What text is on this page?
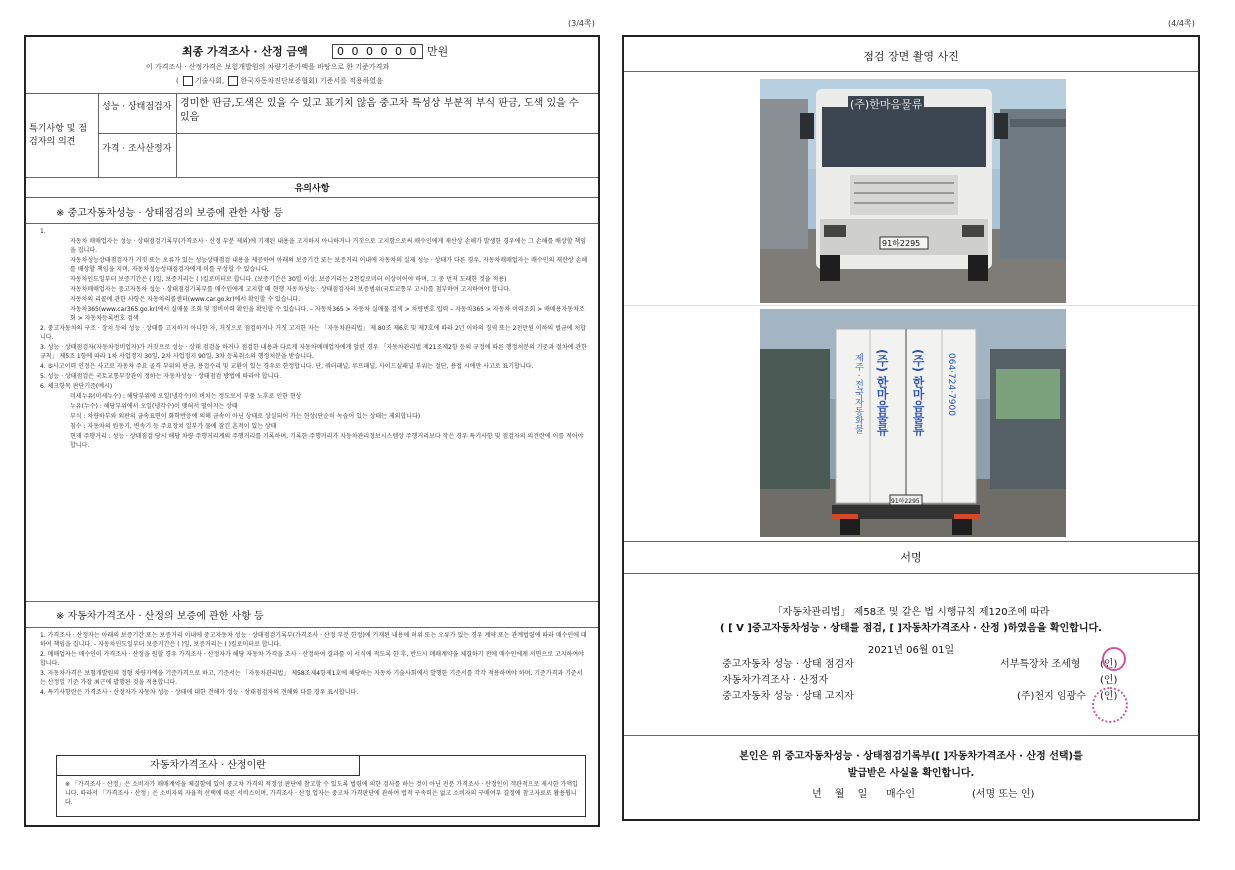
(3/4쪽)	(4/4쪽)
최종 가격조사 · 산정 금액	0 0 0 0 0 0 만원
이 가격조사 · 산정가격은 보험개발원의 차량기준가액을 바탕으로 한 기준가격과
( 기술사회, 한국자동차진단보증협회) 기준서를 적용하였음
특기사항 및 점검자의 의견
성능 · 상태점검자 경미한 판금,도색은 있을 수 있고 표기치 않음 중고차 특성상 부분적 부식 판금, 도색 있을 수 있음
가격 · 조사산정자
유의사항
※ 중고자동차성능 · 상태점검의 보증에 관한 사항 등

1.

자동차 매매업자는 성능 · 상태점검기록부(가격조사 · 산정 부분 제외)에 기재된 내용을 고지하지 아니하거나 거짓으로 고지함으로써 매수인에게 재산상 손해가 발생한 경우에는 그 손해를 배상할 책임을 집니다.

자동차성능상태점검자가 거짓 또는 오류가 있는 성능상태점검 내용을 제공하여 아래의 보증기간 또는 보증거리 이내에 자동차의 실제 성능 · 상태가 다른 경우, 자동차매매업자는 매수인의 재산상 손해를 배상할 책임을 지며, 자동차성능상태점검자에게 이를 구상할 수 있습니다.

자동차인도일부터 보증기간은 ( )일, 보증거리는 ( )킬로미터로 합니다. (보증기간은 30일 이상, 보증거리는 2천킬로미터 이상이어야 하며, 그 중 먼저 도래한 것을 적용)

자동차매매업자는 중고자동차 성능 · 상태점검기록부를 매수인에게 고지할 때 현행 자동차성능 · 상태점검자의 보증범위(국토교통부 고시)를 첨부하여 고지하여야 합니다.

자동차의 리콜에 관한 사항은 자동차리콜센터(www.car.go.kr)에서 확인할 수 있습니다.

자동차365(www.car365.go.kr)에서 실매물 조회 및 정비이력 확인을 확인할 수 있습니다. – 자동차365 > 자동차 실매물 검색 > 차량번호 입력 – 자동차365 > 자동차 이력조회 > 매매용자동차조회 > 자동차등록번호 검색

2. 중고자동차의 구조 · 장치 등의 성능 · 상태를 고지하지 아니한 자, 거짓으로 점검하거나 거짓 고지한 자는 「자동차관리법」 제 80조 제6호 및 제7호에 따라 2년 이하의 징역 또는 2천만원 이하의 벌금에 처합니다.

3. 성능 · 상태점검자(자동차정비업자)가 거짓으로 성능 · 상태 점검을 하거나 점검한 내용과 다르게 자동차매매업자에게 알린 경우 「자동차관리법 제21조제2항 등의 규정에 따른 행정처분의 기준과 절차에 관한 규칙」 제5조 1항에 따라 1차 사업정지 30일, 2차 사업정지 90일, 3차 등록취소의 행정처분을 받습니다.

4. ⑤사고이력 인정은 사고로 자동차 주요 골격 부위의 판금, 용접수리 및 교환이 있는 경우로 한정합니다. 단, 쿼터패널, 루프패널, 사이드실패널 부위는 절단, 용접 시에만 사고로 표기합니다.

5. 성능 · 상태점검은 국토교통부장관이 정하는 자동차성능 · 상태점검 방법에 따라야 합니다.

6. 체크항목 판단기준(예시)

미세누유(미세누수) : 해당부위에 오일(냉각수)이 비치는 정도로서 부품 노후로 인한 현상

누유(누수) : 해당부위에서 오일(냉각수)이 맺혀서 떨어지는 상태

부식 : 차량하부와 외판의 금속표면이 화학반응에 의해 금속이 아닌 상태로 상실되어 가는 현상(단순히 녹슬어 있는 상태는 제외합니다)

침수 : 자동차의 원동기, 변속기 등 주요장치 일부가 물에 잠긴 흔적이 있는 상태

현재 주행거리 : 성능 · 상태점검 당시 해당 차량 주행거리계의 주행거리를 기록하며, 기록한 주행거리가 자동차관리정보시스템상 주행거리보다 작은 경우 특기사항 및 점검자의 의견란에 이를 적어야 합니다.

※ 자동차가격조사 · 산정의 보증에 관한 사항 등

1. 가격조사 · 산정자는 아래의 보증기간 또는 보증거리 이내에 중고자동차 성능 · 상태점검기록부(가격조사 · 산정 부분 한정)에 기재된 내용에 허위 또는 오류가 있는 경우 계약 또는 관계법령에 따라 매수인에 대하여 책임을 집니다. - 자동차인도일부터 보증기간은 ( )일, 보증거리는 ( )킬로미터로 합니다.

2. 매매업자는 매수인이 가격조사 · 산정을 원할 경우 가격조사 · 산정자가 해당 자동차 가격을 조사 · 산정하여 결과를 이 서식에 적도록 한 후, 반드시 매매계약을 체결하기 전에 매수인에게 서면으로 고지하여야 합니다.

3. 자동차가격은 보험개발원의 정형 차량가액을 기준가격으로 하고, 기준서는 「자동차관리법」 제58조제4항제1호에 해당하는 자동차 기술사회에서 발행한 기준서를 각각 적용하여야 하며, 기준가격과 기준서는 산정일 기준 가장 최근에 발행된 것을 적용합니다.

4. 특기사항란은 가격조사 · 산정자가 자동차 성능 · 상태에 대한 견해가 성능 · 상태점검자의 견해와 다를 경우 표시합니다.

자동차가격조사 · 산정이란
※ 「가격조사 · 산정」은 소비자가 매매계약을 체결함에 있어 중고차 가격의 적정성 판단에 참고할 수 있도록 법령에 의한 검사를 하는 것이 아닌 전문 가격조사 · 산정인이 객관적으로 제시한 가액입니다. 따라서 「가격조사 · 산정」은 소비자의 자율적 선택에 따른 서비스이며, 가격조사 · 산정 업자는 중고차 가격판단에 관하여 법적 구속력은 없고 소비자의 구매여부 결정에 참고자료로 활용됩니다.
점검 장면 촬영 사진
(주)한마음물류
91하2295
(주) 한마음물류
제주 · 전국자동화물	(주) 한마음물류 064·724·7900
91하2295
서명
「자동차관리법」 제58조 및 같은 법 시행규칙 제120조에 따라
( [ V ]중고자동차성능 · 상태를 점검, [ ]자동차가격조사 · 산정 )하였음을 확인합니다.
2021년 06월 01일
중고자동차 성능 · 상태 점검자	서부특장차 조세형 (인)
자동차가격조사 · 산정자	(인)
중고자동차 성능 · 상태 고지자	(주)천지 임광수 (인)
본인은 위 중고자동차성능 · 상태점검기록부([ ]자동차가격조사 · 산정 선택)를
발급받은 사실을 확인합니다.
년 월 일 매수인	(서명 또는 인)
